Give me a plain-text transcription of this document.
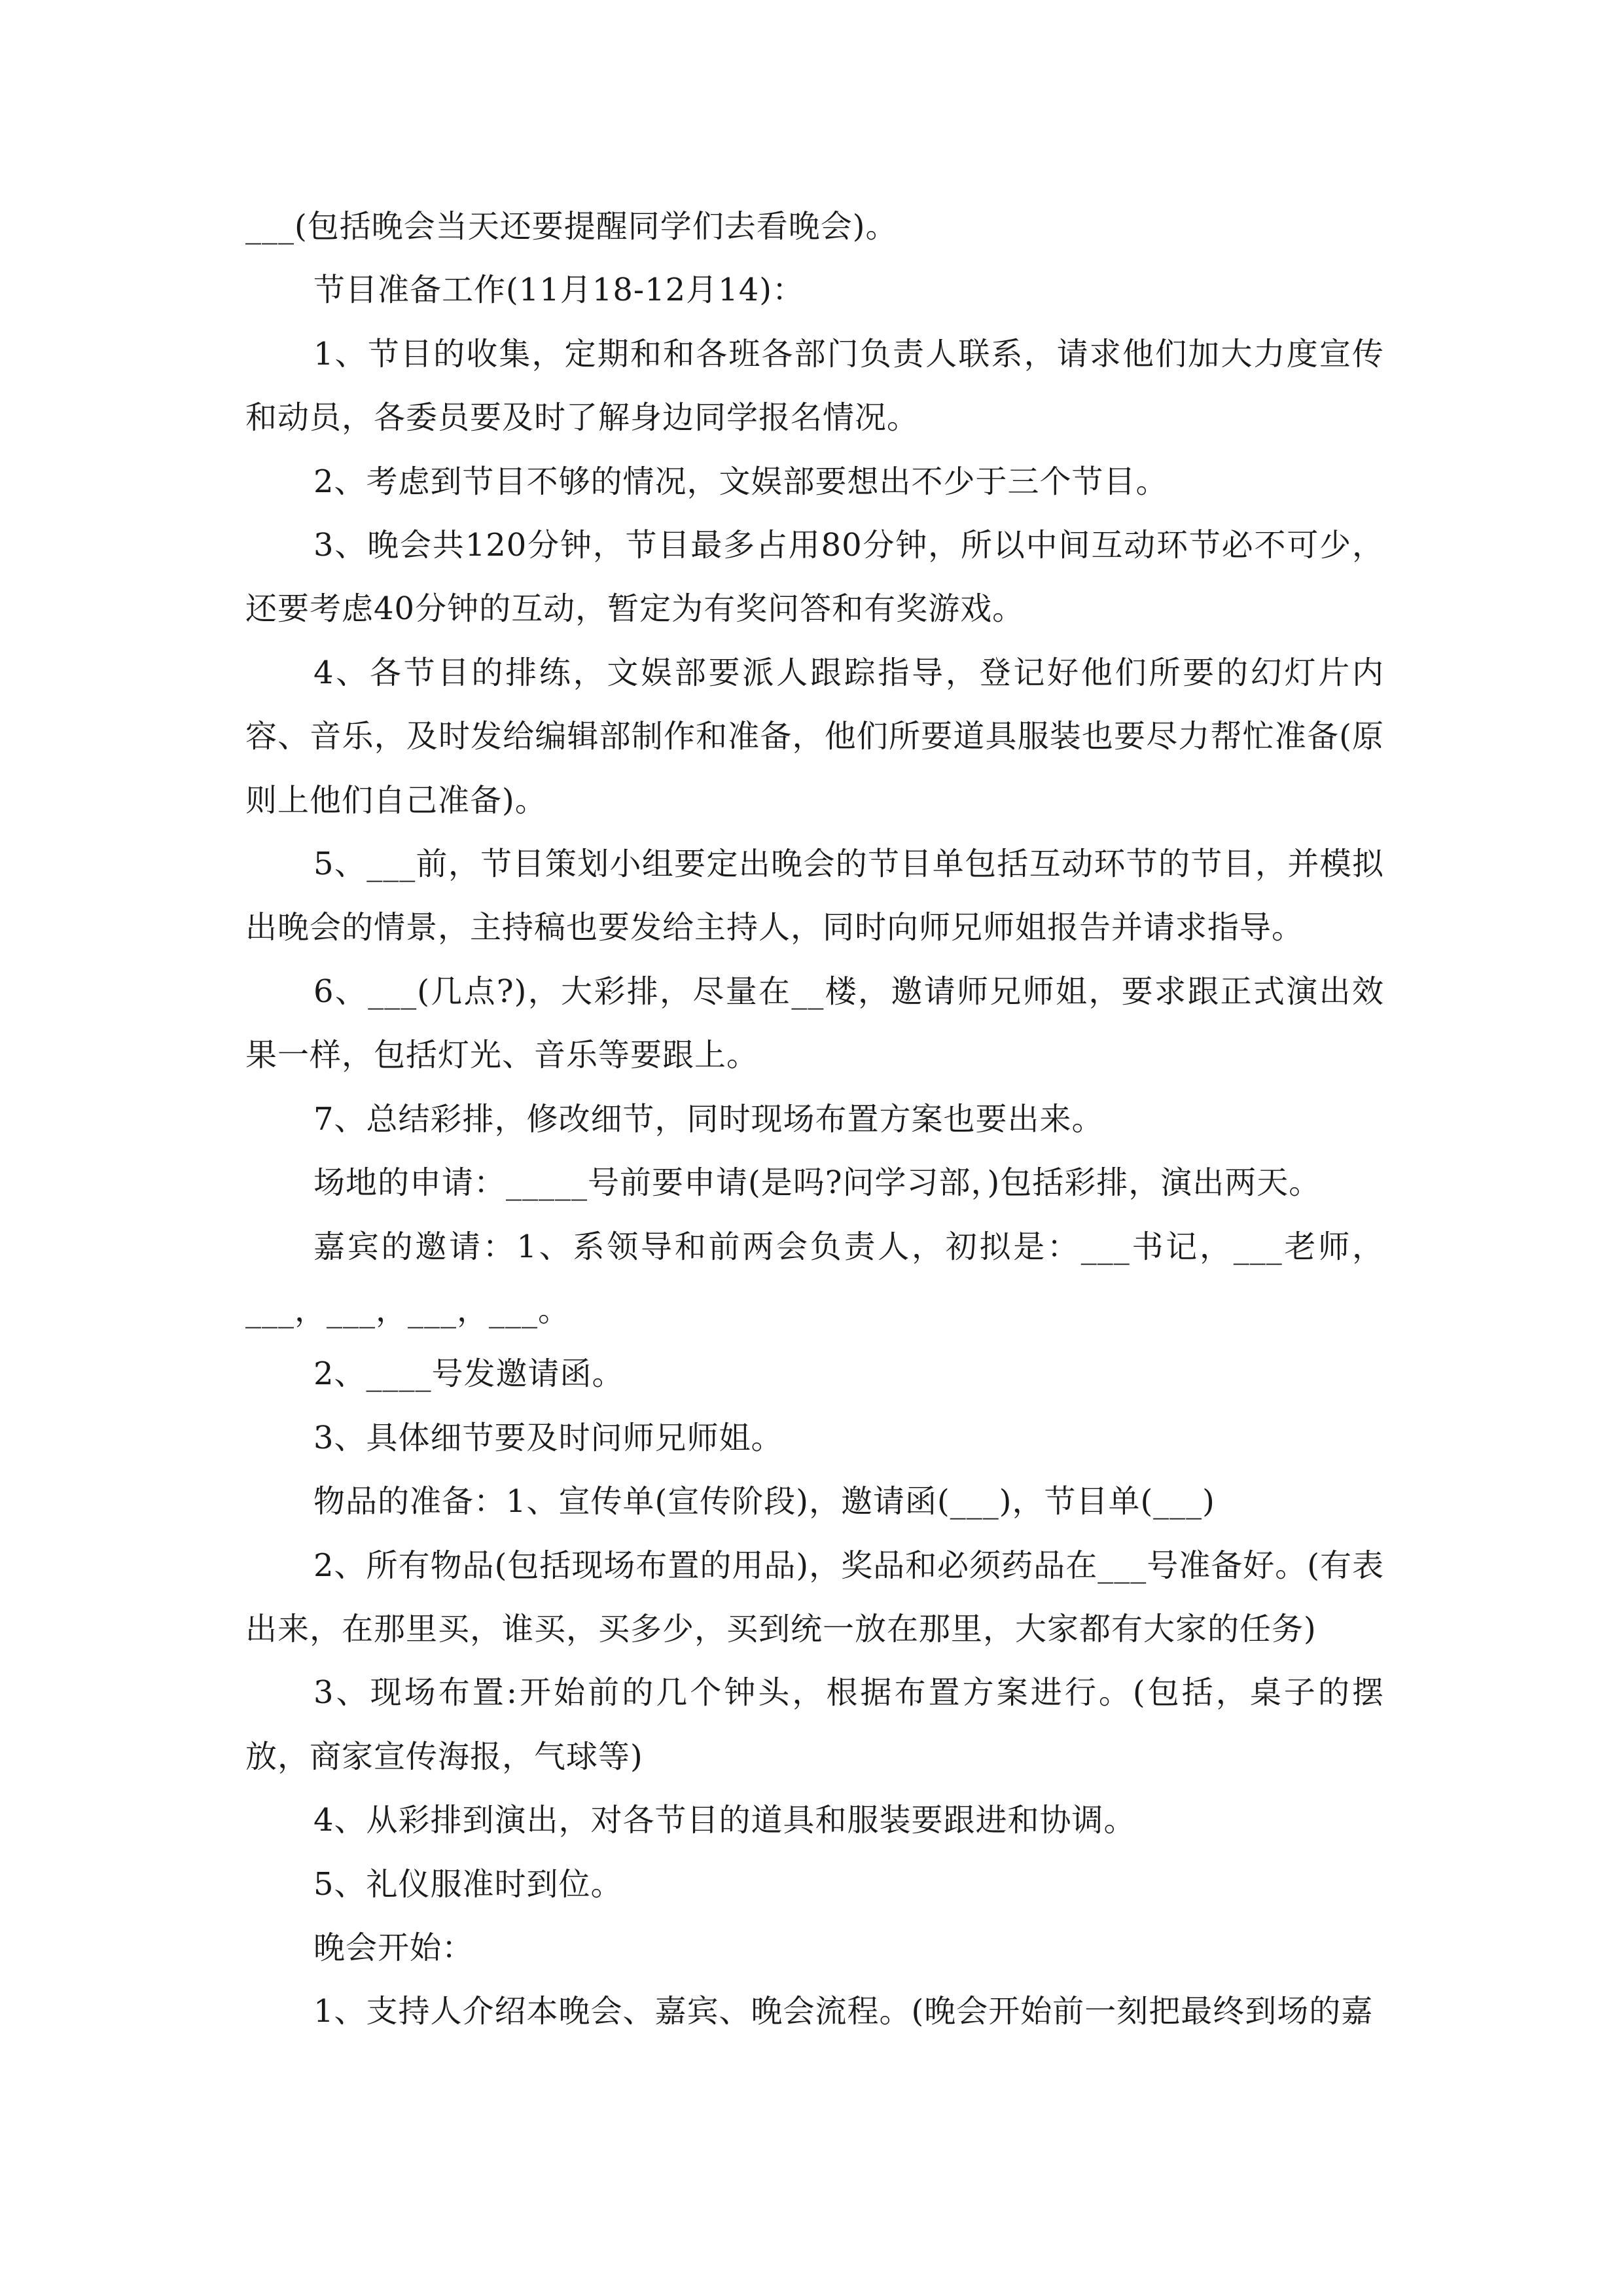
___(包括晚会当天还要提醒同学们去看晚会)。

节目准备工作(11月18-12月14)：

1、节目的收集，定期和和各班各部门负责人联系，请求他们加大力度宣传和动员，各委员要及时了解身边同学报名情况。

2、考虑到节目不够的情况，文娱部要想出不少于三个节目。

3、晚会共120分钟，节目最多占用80分钟，所以中间互动环节必不可少，还要考虑40分钟的互动，暂定为有奖问答和有奖游戏。

4、各节目的排练，文娱部要派人跟踪指导，登记好他们所要的幻灯片内容、音乐，及时发给编辑部制作和准备，他们所要道具服装也要尽力帮忙准备(原则上他们自己准备)。

5、___前，节目策划小组要定出晚会的节目单包括互动环节的节目，并模拟出晚会的情景，主持稿也要发给主持人，同时向师兄师姐报告并请求指导。

6、___(几点?)，大彩排，尽量在__楼，邀请师兄师姐，要求跟正式演出效果一样，包括灯光、音乐等要跟上。

7、总结彩排，修改细节，同时现场布置方案也要出来。

场地的申请：_____号前要申请(是吗?问学习部，)包括彩排，演出两天。

嘉宾的邀请：1、系领导和前两会负责人，初拟是：___书记，___老师，___，___，___，___。

2、____号发邀请函。

3、具体细节要及时问师兄师姐。

物品的准备：1、宣传单(宣传阶段)，邀请函(___)，节目单(___)

2、所有物品(包括现场布置的用品)，奖品和必须药品在___号准备好。(有表出来，在那里买，谁买，买多少，买到统一放在那里，大家都有大家的任务)

3、现场布置:开始前的几个钟头，根据布置方案进行。(包括，桌子的摆放，商家宣传海报，气球等)

4、从彩排到演出，对各节目的道具和服装要跟进和协调。

5、礼仪服准时到位。

晚会开始：

1、支持人介绍本晚会、嘉宾、晚会流程。(晚会开始前一刻把最终到场的嘉
